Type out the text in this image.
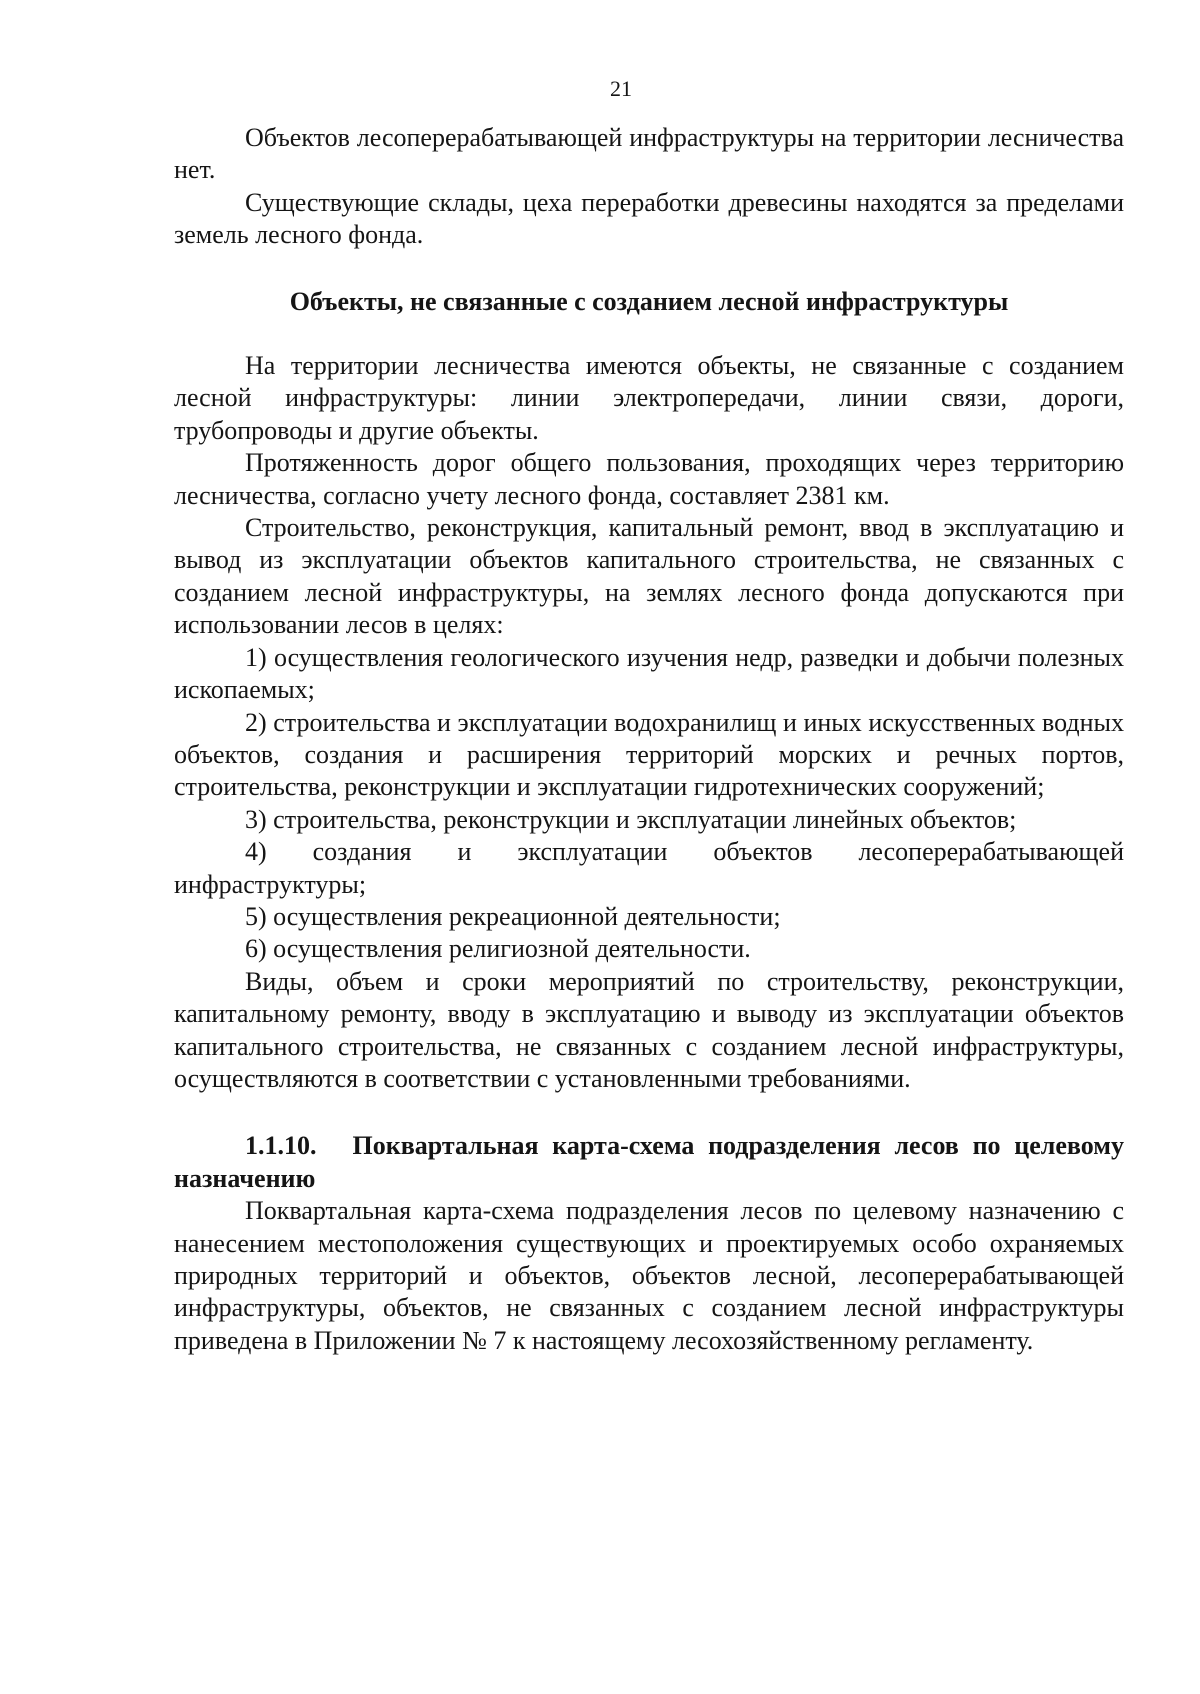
21

Объектов лесоперерабатывающей инфраструктуры на территории лесничества нет.

Существующие склады, цеха переработки древесины находятся за пределами земель лесного фонда.

Объекты, не связанные с созданием лесной инфраструктуры

На территории лесничества имеются объекты, не связанные с созданием лесной инфраструктуры: линии электропередачи, линии связи, дороги, трубопроводы и другие объекты.

Протяженность дорог общего пользования, проходящих через территорию лесничества, согласно учету лесного фонда, составляет 2381 км.

Строительство, реконструкция, капитальный ремонт, ввод в эксплуатацию и вывод из эксплуатации объектов капитального строительства, не связанных с созданием лесной инфраструктуры, на землях лесного фонда допускаются при использовании лесов в целях:

1) осуществления геологического изучения недр, разведки и добычи полезных ископаемых;

2) строительства и эксплуатации водохранилищ и иных искусственных водных объектов, создания и расширения территорий морских и речных портов, строительства, реконструкции и эксплуатации гидротехнических сооружений;

3) строительства, реконструкции и эксплуатации линейных объектов;

4) создания и эксплуатации объектов лесоперерабатывающей инфраструктуры;

5) осуществления рекреационной деятельности;

6) осуществления религиозной деятельности.

Виды, объем и сроки мероприятий по строительству, реконструкции, капитальному ремонту, вводу в эксплуатацию и выводу из эксплуатации объектов капитального строительства, не связанных с созданием лесной инфраструктуры, осуществляются в соответствии с установленными требованиями.

1.1.10. Поквартальная карта-схема подразделения лесов по целевому назначению

Поквартальная карта-схема подразделения лесов по целевому назначению с нанесением местоположения существующих и проектируемых особо охраняемых природных территорий и объектов, объектов лесной, лесоперерабатывающей инфраструктуры, объектов, не связанных с созданием лесной инфраструктуры приведена в Приложении № 7 к настоящему лесохозяйственному регламенту.
